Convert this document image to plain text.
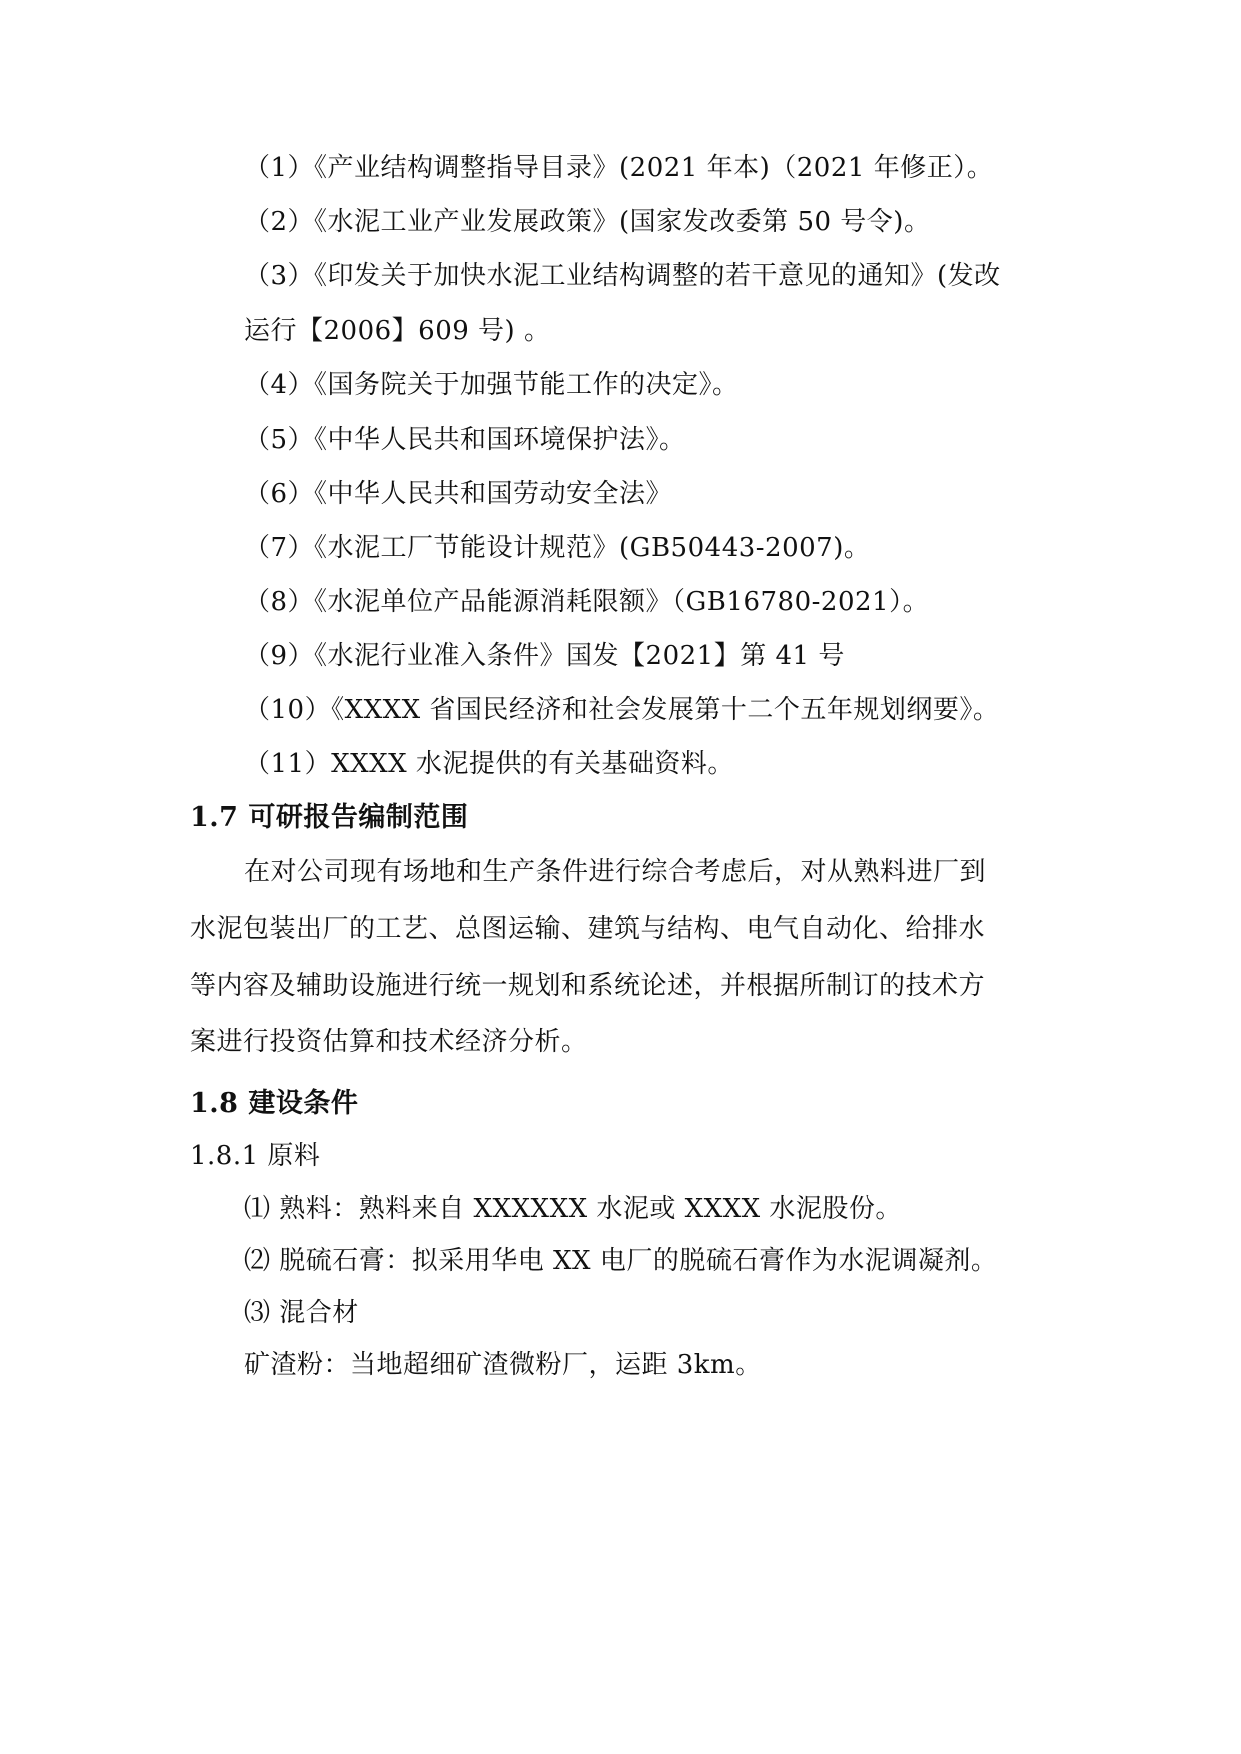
（1）《产业结构调整指导目录》(2021 年本)（2021 年修正）。
（2）《水泥工业产业发展政策》(国家发改委第 50 号令)。
（3）《印发关于加快水泥工业结构调整的若干意见的通知》(发改
运行【2006】609 号) 。
（4）《国务院关于加强节能工作的决定》。
（5）《中华人民共和国环境保护法》。
（6）《中华人民共和国劳动安全法》
（7）《水泥工厂节能设计规范》(GB50443-2007)。
（8）《水泥单位产品能源消耗限额》（GB16780-2021）。
（9）《水泥行业准入条件》国发【2021】第 41 号
（10）《XXXX 省国民经济和社会发展第十二个五年规划纲要》。
（11）XXXX 水泥提供的有关基础资料。
1.7 可研报告编制范围
在对公司现有场地和生产条件进行综合考虑后，对从熟料进厂到
水泥包装出厂的工艺、总图运输、建筑与结构、电气自动化、给排水
等内容及辅助设施进行统一规划和系统论述，并根据所制订的技术方
案进行投资估算和技术经济分析。
1.8 建设条件
1.8.1 原料
⑴ 熟料：熟料来自 XXXXXX 水泥或 XXXX 水泥股份。
⑵ 脱硫石膏：拟采用华电 XX 电厂的脱硫石膏作为水泥调凝剂。
⑶ 混合材
矿渣粉：当地超细矿渣微粉厂，运距 3km。
